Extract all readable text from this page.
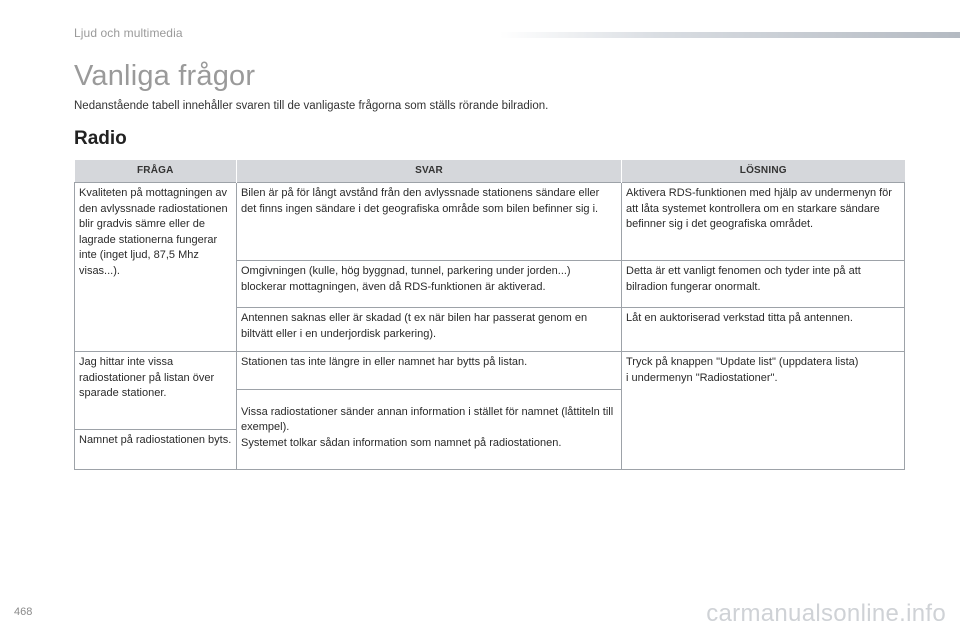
Ljud och multimedia
Vanliga frågor
Nedanstående tabell innehåller svaren till de vanligaste frågorna som ställs rörande bilradion.
Radio
FRÅGA	SVAR	LÖSNING
Kvaliteten på mottagningen av den avlyssnade radiostationen blir gradvis sämre eller de lagrade stationerna fungerar inte (inget ljud, 87,5 Mhz visas...).	Bilen är på för långt avstånd från den avlyssnade stationens sändare eller det finns ingen sändare i det geografiska område som bilen befinner sig i.	Aktivera RDS-funktionen med hjälp av undermenyn för att låta systemet kontrollera om en starkare sändare befinner sig i det geografiska området.
	Omgivningen (kulle, hög byggnad, tunnel, parkering under jorden...) blockerar mottagningen, även då RDS-funktionen är aktiverad.	Detta är ett vanligt fenomen och tyder inte på att bilradion fungerar onormalt.
	Antennen saknas eller är skadad (t ex när bilen har passerat genom en biltvätt eller i en underjordisk parkering).	Låt en auktoriserad verkstad titta på antennen.
Jag hittar inte vissa radiostationer på listan över sparade stationer.	Stationen tas inte längre in eller namnet har bytts på listan.	Tryck på knappen "Update list" (uppdatera lista)
i undermenyn "Radiostationer".

	Vissa radiostationer sänder annan information i stället för namnet (låttiteln till exempel).
Systemet tolkar sådan information som namnet på radiostationen.	

Namnet på radiostationen byts.		
468	carmanualsonline.info
